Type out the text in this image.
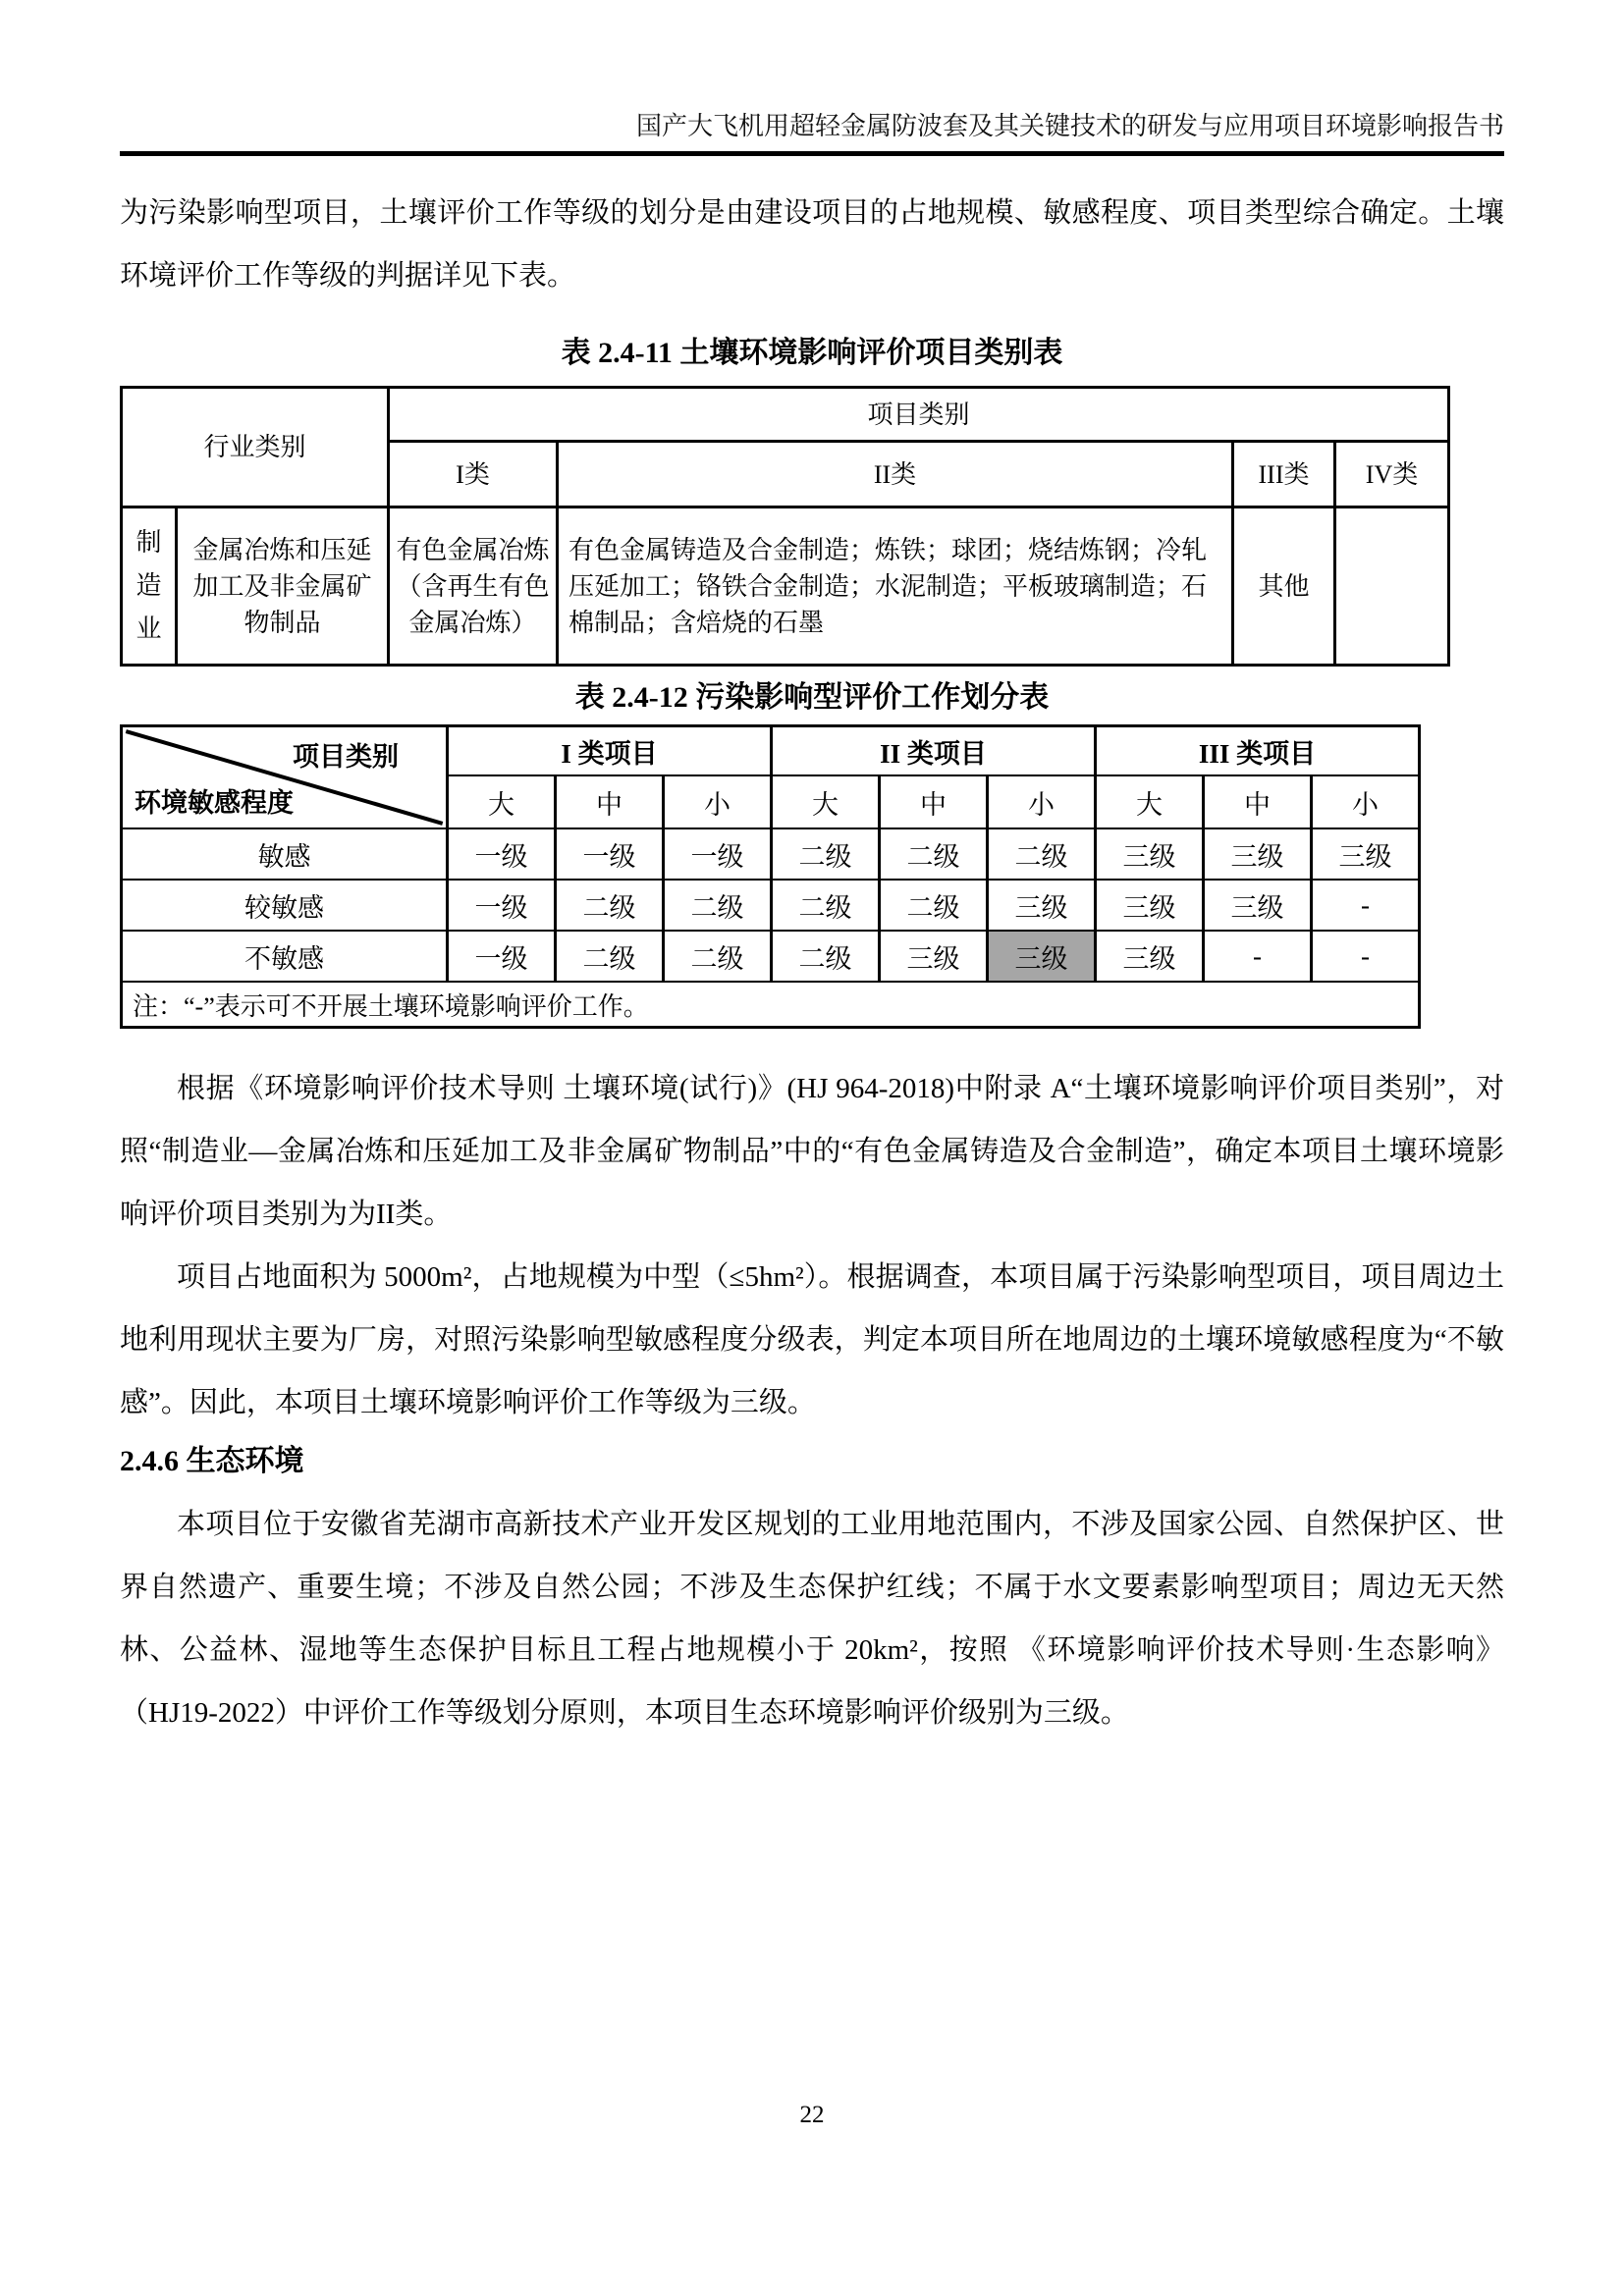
国产大飞机用超轻金属防波套及其关键技术的研发与应用项目环境影响报告书

为污染影响型项目，土壤评价工作等级的划分是由建设项目的占地规模、敏感程度、项目类型综合确定。土壤环境评价工作等级的判据详见下表。

表 2.4-11 土壤环境影响评价项目类别表
行业类别		项目类别			
		I类	II类	III类	IV类
制造业	金属冶炼和压延加工及非金属矿物制品	有色金属冶炼（含再生有色金属冶炼）	有色金属铸造及合金制造；炼铁；球团；烧结炼钢；冷轧压延加工；铬铁合金制造；水泥制造；平板玻璃制造；石棉制品；含焙烧的石墨	其他	
表 2.4-12 污染影响型评价工作划分表
项目类别
环境敏感程度	I 类项目			II 类项目			III 类项目		
	大	中	小	大	中	小	大	中	小
敏感	一级	一级	一级	二级	二级	二级	三级	三级	三级
较敏感	一级	二级	二级	二级	二级	三级	三级	三级	-
不敏感	一级	二级	二级	二级	三级	三级	三级	-	-
注：“-”表示可不开展土壤环境影响评价工作。									

根据《环境影响评价技术导则 土壤环境(试行)》(HJ 964-2018)中附录 A“土壤环境影响评价项目类别”，对照“制造业—金属冶炼和压延加工及非金属矿物制品”中的“有色金属铸造及合金制造”，确定本项目土壤环境影响评价项目类别为为II类。

项目占地面积为 5000m²，占地规模为中型（≤5hm²）。根据调查，本项目属于污染影响型项目，项目周边土地利用现状主要为厂房，对照污染影响型敏感程度分级表，判定本项目所在地周边的土壤环境敏感程度为“不敏感”。因此，本项目土壤环境影响评价工作等级为三级。

2.4.6 生态环境

本项目位于安徽省芜湖市高新技术产业开发区规划的工业用地范围内，不涉及国家公园、自然保护区、世界自然遗产、重要生境；不涉及自然公园；不涉及生态保护红线；不属于水文要素影响型项目；周边无天然林、公益林、湿地等生态保护目标且工程占地规模小于 20km²，按照 《环境影响评价技术导则·生态影响》（HJ19-2022）中评价工作等级划分原则，本项目生态环境影响评价级别为三级。

22
